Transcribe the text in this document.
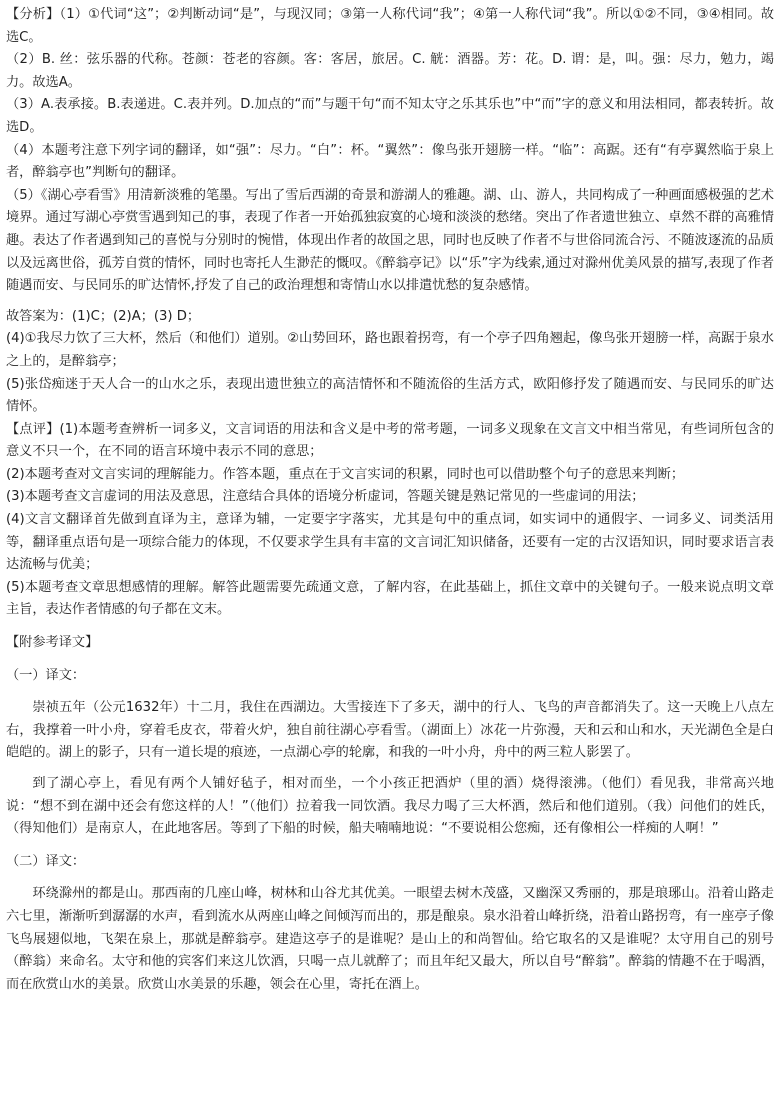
【分析】（1）①代词“这”；②判断动词“是”，与现汉同；③第一人称代词“我”；④第一人称代词“我”。所以①②不同，③④相同。故选C。

（2）B. 丝：弦乐器的代称。苍颜：苍老的容颜。客：客居，旅居。C. 觥：酒器。芳：花。D. 谓：是，叫。强：尽力，勉力，竭力。故选A。

（3）A.表承接。B.表递进。C.表并列。D.加点的“而”与题干句“而不知太守之乐其乐也”中“而”字的意义和用法相同，都表转折。故选D。

（4）本题考注意下列字词的翻译，如“强”：尽力。“白”：杯。“翼然”：像鸟张开翅膀一样。“临”：高踞。还有“有亭翼然临于泉上者，醉翁亭也”判断句的翻译。

（5）《湖心亭看雪》用清新淡雅的笔墨。写出了雪后西湖的奇景和游湖人的雅趣。湖、山、游人，共同构成了一种画面感极强的艺术境界。通过写湖心亭赏雪遇到知己的事，表现了作者一开始孤独寂寞的心境和淡淡的愁绪。突出了作者遗世独立、卓然不群的高雅情趣。表达了作者遇到知己的喜悦与分别时的惋惜，体现出作者的故国之思，同时也反映了作者不与世俗同流合污、不随波逐流的品质以及远离世俗，孤芳自赏的情怀，同时也寄托人生渺茫的慨叹。《醉翁亭记》以“乐”字为线索,通过对滁州优美风景的描写,表现了作者随遇而安、与民同乐的旷达情怀,抒发了自己的政治理想和寄情山水以排遣忧愁的复杂感情。

故答案为：(1)C；(2)A；(3) D；

(4)①我尽力饮了三大杯，然后（和他们）道别。②山势回环，路也跟着拐弯，有一个亭子四角翘起，像鸟张开翅膀一样，高踞于泉水之上的，是醉翁亭；

(5)张岱痴迷于天人合一的山水之乐，表现出遗世独立的高洁情怀和不随流俗的生活方式，欧阳修抒发了随遇而安、与民同乐的旷达情怀。

【点评】(1)本题考查辨析一词多义，文言词语的用法和含义是中考的常考题，一词多义现象在文言文中相当常见，有些词所包含的意义不只一个，在不同的语言环境中表示不同的意思；

(2)本题考查对文言实词的理解能力。作答本题，重点在于文言实词的积累，同时也可以借助整个句子的意思来判断；

(3)本题考查文言虚词的用法及意思，注意结合具体的语境分析虚词，答题关键是熟记常见的一些虚词的用法；

(4)文言文翻译首先做到直译为主，意译为辅，一定要字字落实，尤其是句中的重点词，如实词中的通假字、一词多义、词类活用等，翻译重点语句是一项综合能力的体现，不仅要求学生具有丰富的文言词汇知识储备，还要有一定的古汉语知识，同时要求语言表达流畅与优美；

(5)本题考查文章思想感情的理解。解答此题需要先疏通文意，了解内容，在此基础上，抓住文章中的关键句子。一般来说点明文章主旨，表达作者情感的句子都在文末。

【附参考译文】

（一）译文：

崇祯五年（公元1632年）十二月，我住在西湖边。大雪接连下了多天，湖中的行人、飞鸟的声音都消失了。这一天晚上八点左右，我撑着一叶小舟，穿着毛皮衣，带着火炉，独自前往湖心亭看雪。（湖面上）冰花一片弥漫，天和云和山和水，天光湖色全是白皑皑的。湖上的影子，只有一道长堤的痕迹，一点湖心亭的轮廓，和我的一叶小舟，舟中的两三粒人影罢了。

到了湖心亭上，看见有两个人铺好毡子，相对而坐，一个小孩正把酒炉（里的酒）烧得滚沸。（他们）看见我，非常高兴地说：“想不到在湖中还会有您这样的人！”（他们）拉着我一同饮酒。我尽力喝了三大杯酒，然后和他们道别。（我）问他们的姓氏，（得知他们）是南京人，在此地客居。等到了下船的时候，船夫喃喃地说：“不要说相公您痴，还有像相公一样痴的人啊！”

（二）译文：

环绕滁州的都是山。那西南的几座山峰，树林和山谷尤其优美。一眼望去树木茂盛，又幽深又秀丽的，那是琅琊山。沿着山路走六七里，渐渐听到潺潺的水声，看到流水从两座山峰之间倾泻而出的，那是酿泉。泉水沿着山峰折绕，沿着山路拐弯，有一座亭子像飞鸟展翅似地，飞架在泉上，那就是醉翁亭。建造这亭子的是谁呢？是山上的和尚智仙。给它取名的又是谁呢？太守用自己的别号（醉翁）来命名。太守和他的宾客们来这儿饮酒，只喝一点儿就醉了；而且年纪又最大，所以自号“醉翁”。醉翁的情趣不在于喝酒，而在欣赏山水的美景。欣赏山水美景的乐趣，领会在心里，寄托在酒上。
